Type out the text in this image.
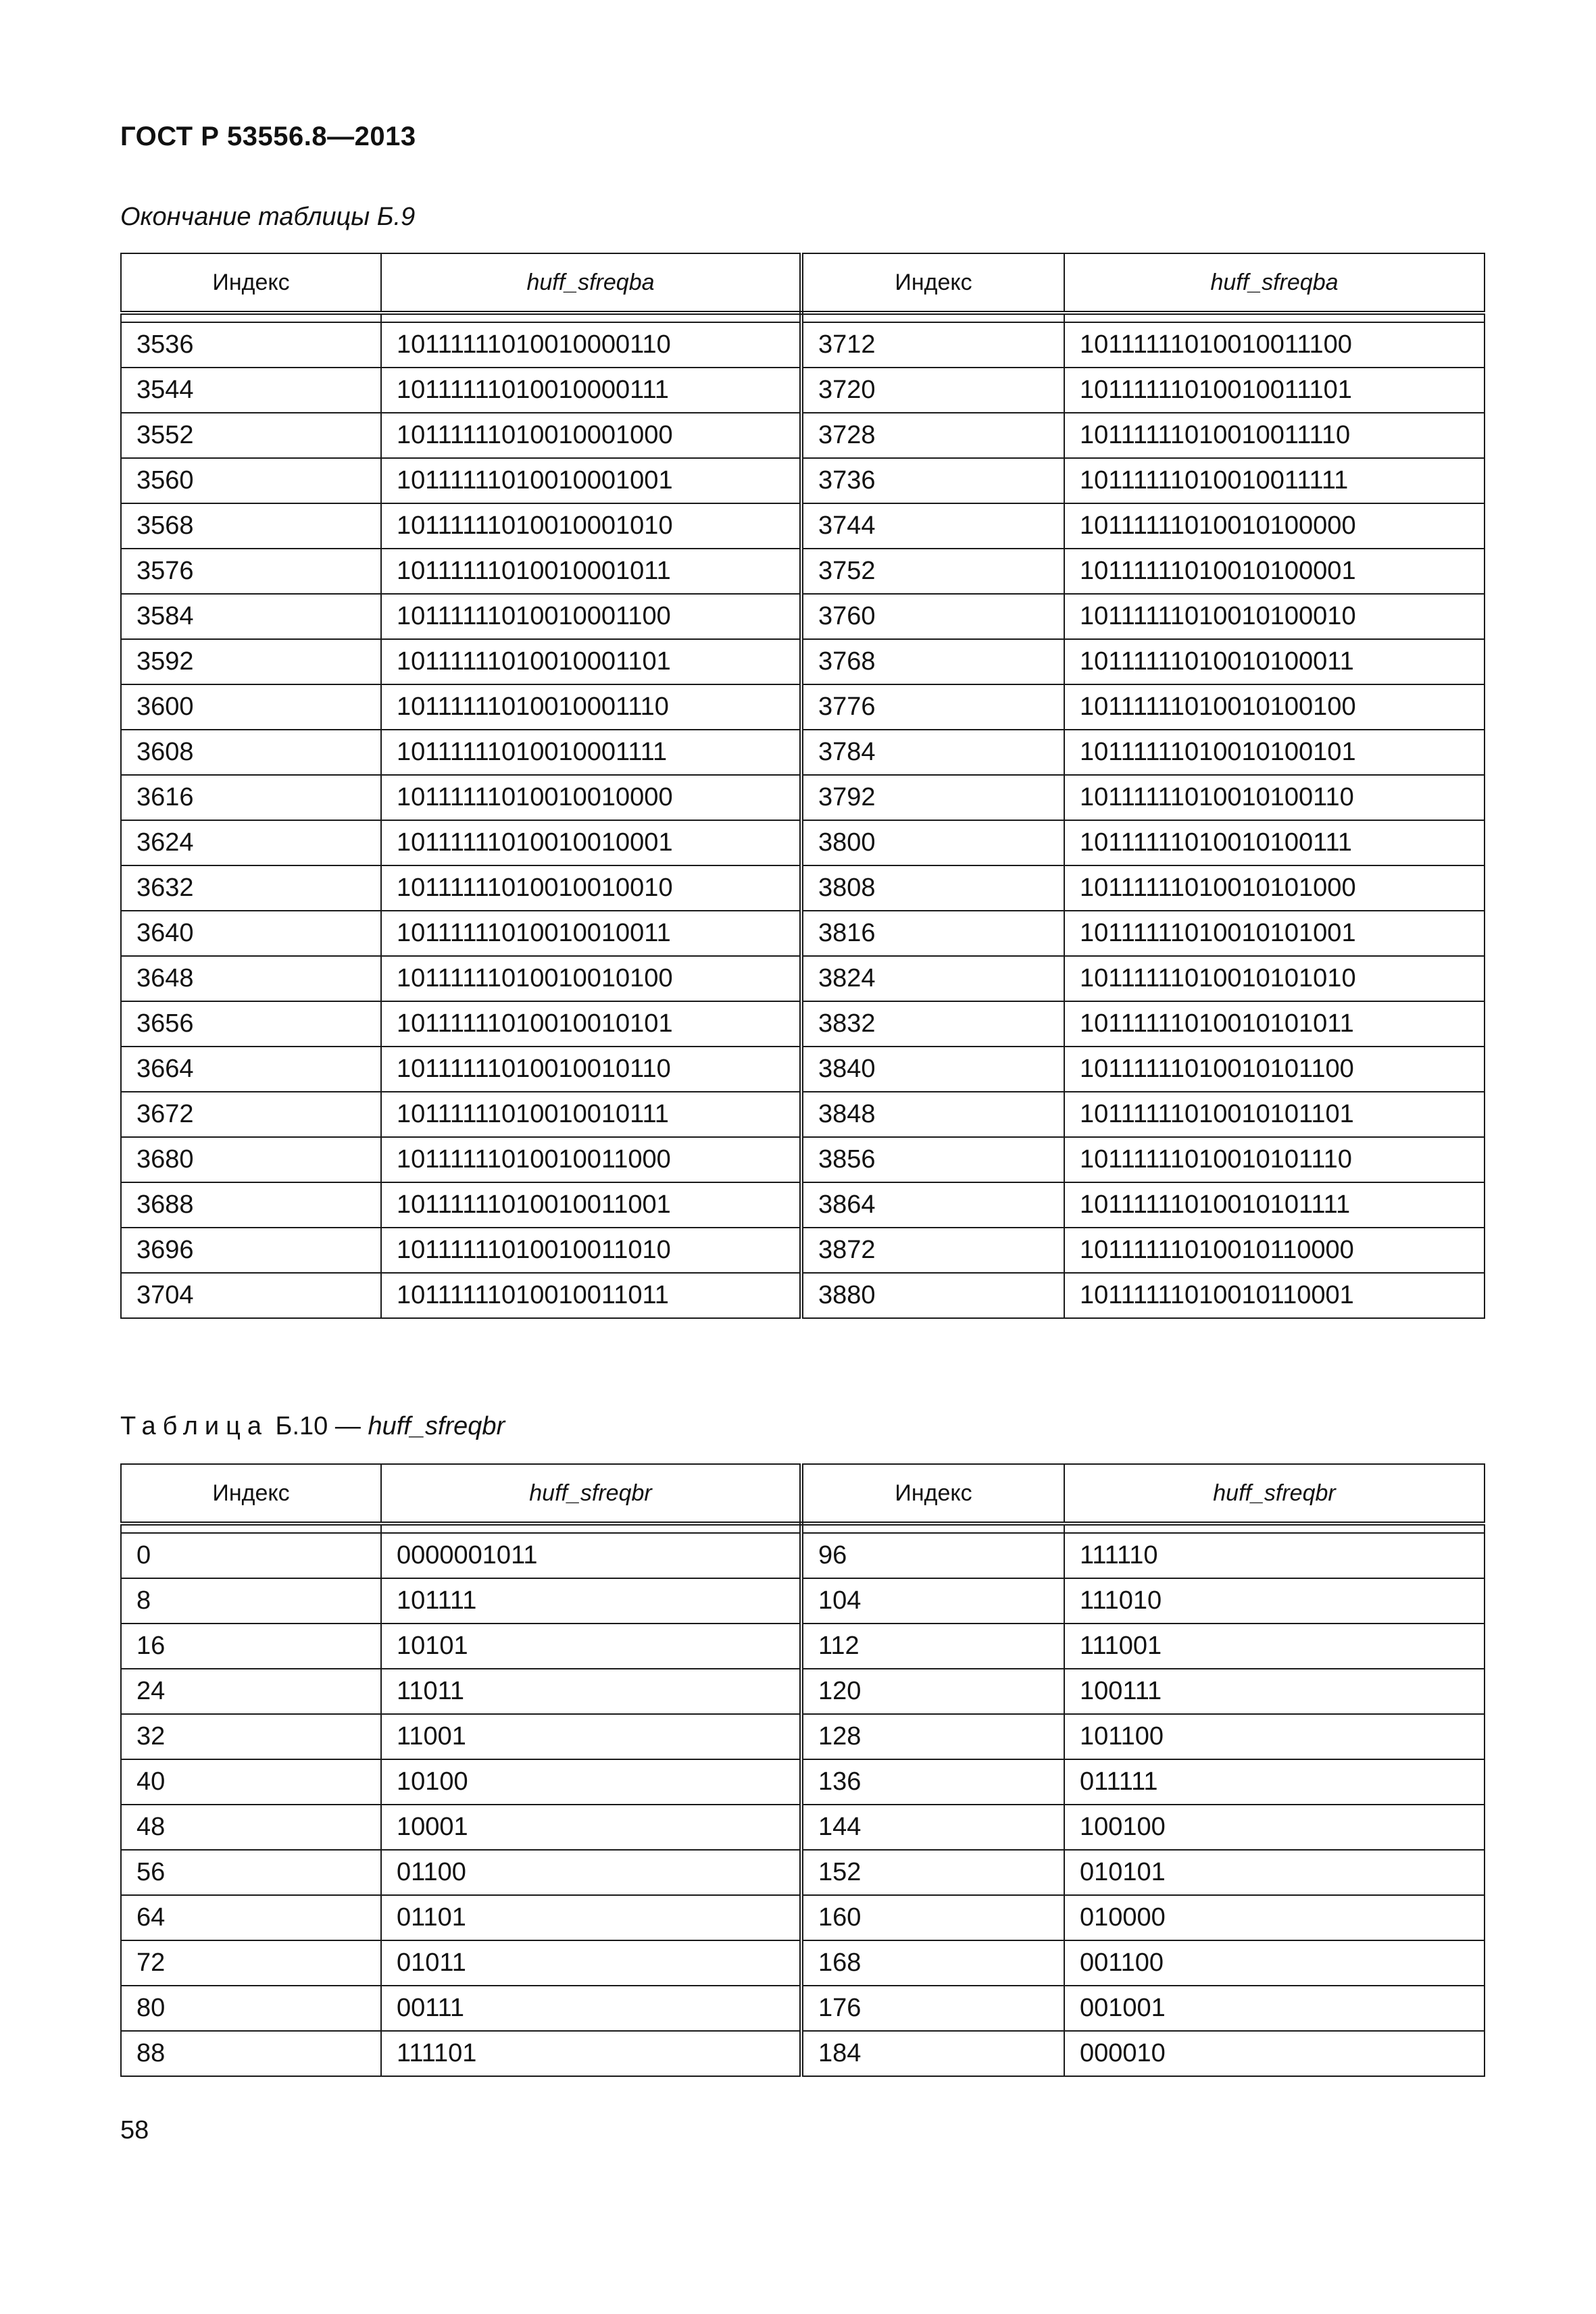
ГОСТ Р 53556.8—2013
Окончание таблицы Б.9
Индекс	huff_sfreqba	Индекс	huff_sfreqba

3536	10111111010010000110	3712	10111111010010011100
3544	10111111010010000111	3720	10111111010010011101
3552	10111111010010001000	3728	10111111010010011110
3560	10111111010010001001	3736	10111111010010011111
3568	10111111010010001010	3744	10111111010010100000
3576	10111111010010001011	3752	10111111010010100001
3584	10111111010010001100	3760	10111111010010100010
3592	10111111010010001101	3768	10111111010010100011
3600	10111111010010001110	3776	10111111010010100100
3608	10111111010010001111	3784	10111111010010100101
3616	10111111010010010000	3792	10111111010010100110
3624	10111111010010010001	3800	10111111010010100111
3632	10111111010010010010	3808	10111111010010101000
3640	10111111010010010011	3816	10111111010010101001
3648	10111111010010010100	3824	10111111010010101010
3656	10111111010010010101	3832	10111111010010101011
3664	10111111010010010110	3840	10111111010010101100
3672	10111111010010010111	3848	10111111010010101101
3680	10111111010010011000	3856	10111111010010101110
3688	10111111010010011001	3864	10111111010010101111
3696	10111111010010011010	3872	10111111010010110000
3704	10111111010010011011	3880	10111111010010110001
Таблица Б.10 — huff_sfreqbr
Индекс	huff_sfreqbr	Индекс	huff_sfreqbr

0	0000001011	96	111110
8	101111	104	111010
16	10101	112	111001
24	11011	120	100111
32	11001	128	101100
40	10100	136	011111
48	10001	144	100100
56	01100	152	010101
64	01101	160	010000
72	01011	168	001100
80	00111	176	001001
88	111101	184	000010
58
